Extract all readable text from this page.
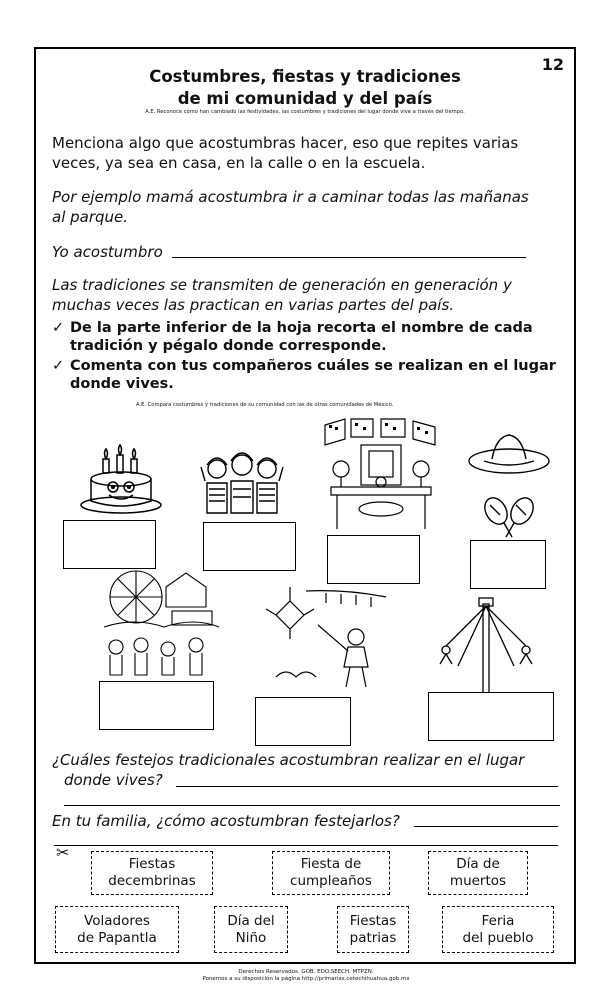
12
Costumbres, fiestas y tradiciones
de mi comunidad y del país
A.E. Reconoce cómo han cambiado las festividades, las costumbres y tradiciones del lugar donde vive a través del tiempo.
Menciona algo que acostumbras hacer, eso que repites varias
veces, ya sea en casa, en la calle o en la escuela.
Por ejemplo mamá acostumbra ir a caminar todas las mañanas
al parque.
Yo acostumbro
Las tradiciones se transmiten de generación en generación y
muchas veces las practican en varias partes del país.
✓ De la parte inferior de la hoja recorta el nombre de cada
tradición y pégalo donde corresponde.
✓ Comenta con tus compañeros cuáles se realizan en el lugar
donde vives.
A.E. Compara costumbres y tradiciones de su comunidad con las de otras comunidades de México.
¿Cuáles festejos tradicionales acostumbran realizar en el lugar
donde vives?
En tu familia, ¿cómo acostumbran festejarlos?
✂
Fiestas
decembrinas
Fiesta de
cumpleaños
Día de
muertos
Voladores
de Papantla
Día del
Niño
Fiestas
patrias
Feria
del pueblo
Derechos Reservados. GOB. EDO.SEECH. MTPZN.
Ponemos a su disposición la página http://primarias.cetechihuahua.gob.mx
